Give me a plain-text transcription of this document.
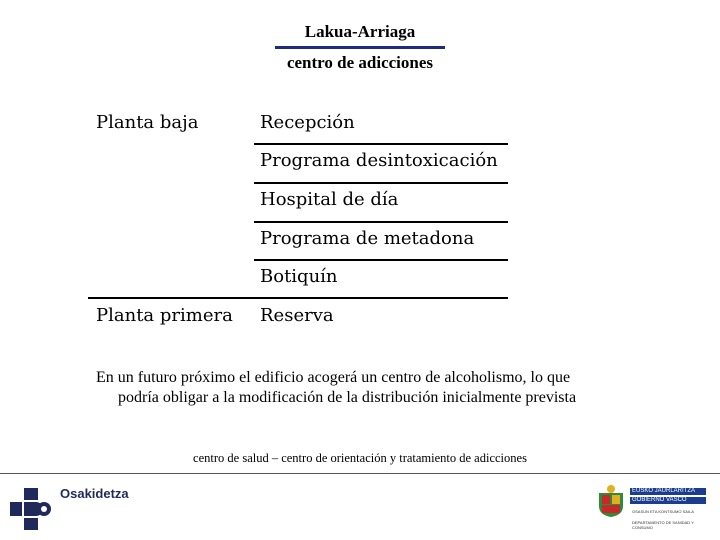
Lakua-Arriaga
centro de adicciones
Planta baja
Planta primera
Recepción
Programa desintoxicación
Hospital de día
Programa de metadona
Botiquín
Reserva
En un futuro próximo el edificio acogerá un centro de alcoholismo, lo que
podría obligar a la modificación de la distribución inicialmente prevista
centro de salud – centro de orientación y tratamiento de adicciones
Osakidetza	EUSKO JAURLARITZA
GOBIERNO VASCO
OSASUN ETA KONTSUMO SAILA
DEPARTAMENTO DE SANIDAD Y CONSUMO
